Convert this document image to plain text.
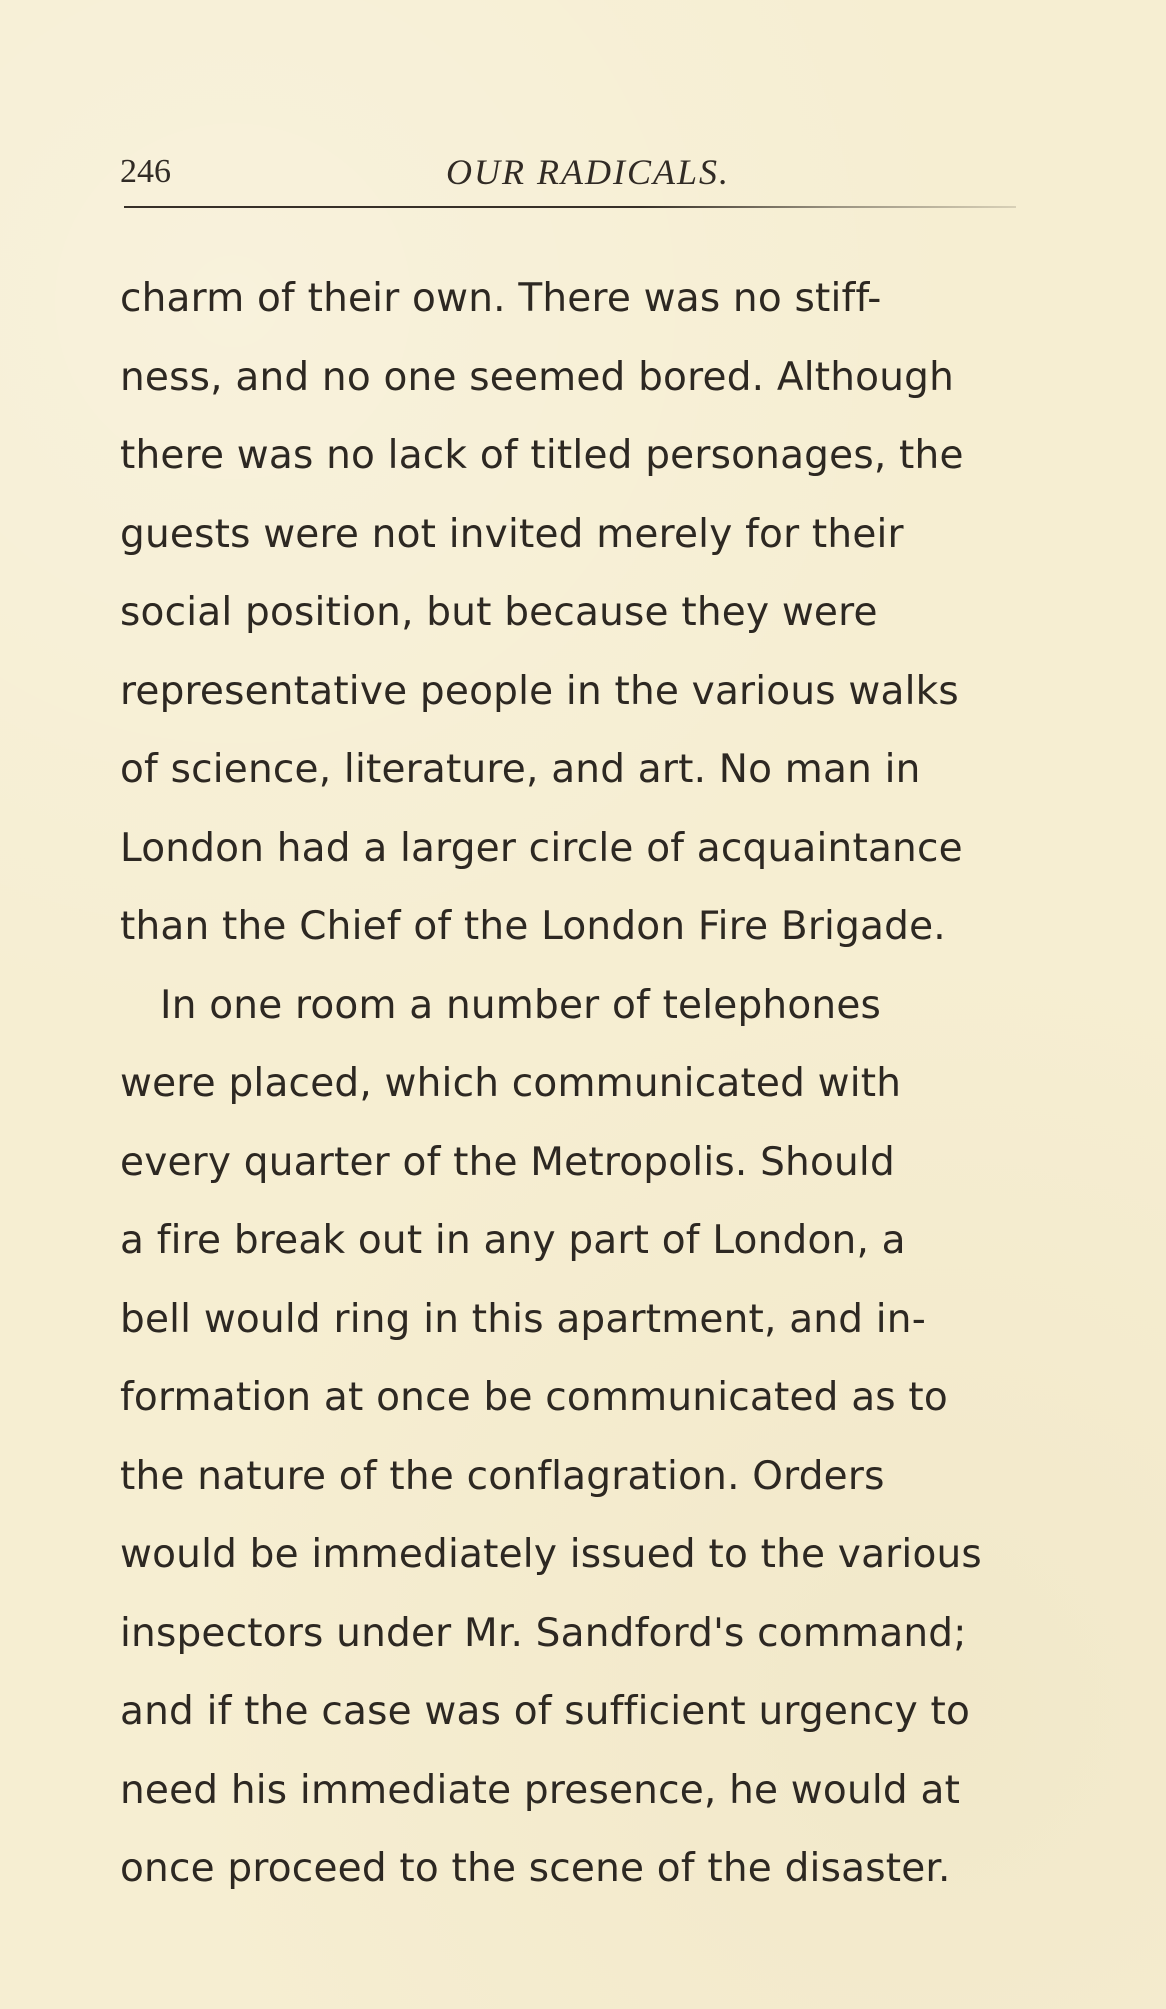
246	OUR RADICALS.
charm of their own. There was no stiff-
ness, and no one seemed bored. Although
there was no lack of titled personages, the
guests were not invited merely for their
social position, but because they were
representative people in the various walks
of science, literature, and art. No man in
London had a larger circle of acquaintance
than the Chief of the London Fire Brigade.
In one room a number of telephones
were placed, which communicated with
every quarter of the Metropolis. Should
a fire break out in any part of London, a
bell would ring in this apartment, and in-
formation at once be communicated as to
the nature of the conflagration. Orders
would be immediately issued to the various
inspectors under Mr. Sandford's command;
and if the case was of sufficient urgency to
need his immediate presence, he would at
once proceed to the scene of the disaster.
